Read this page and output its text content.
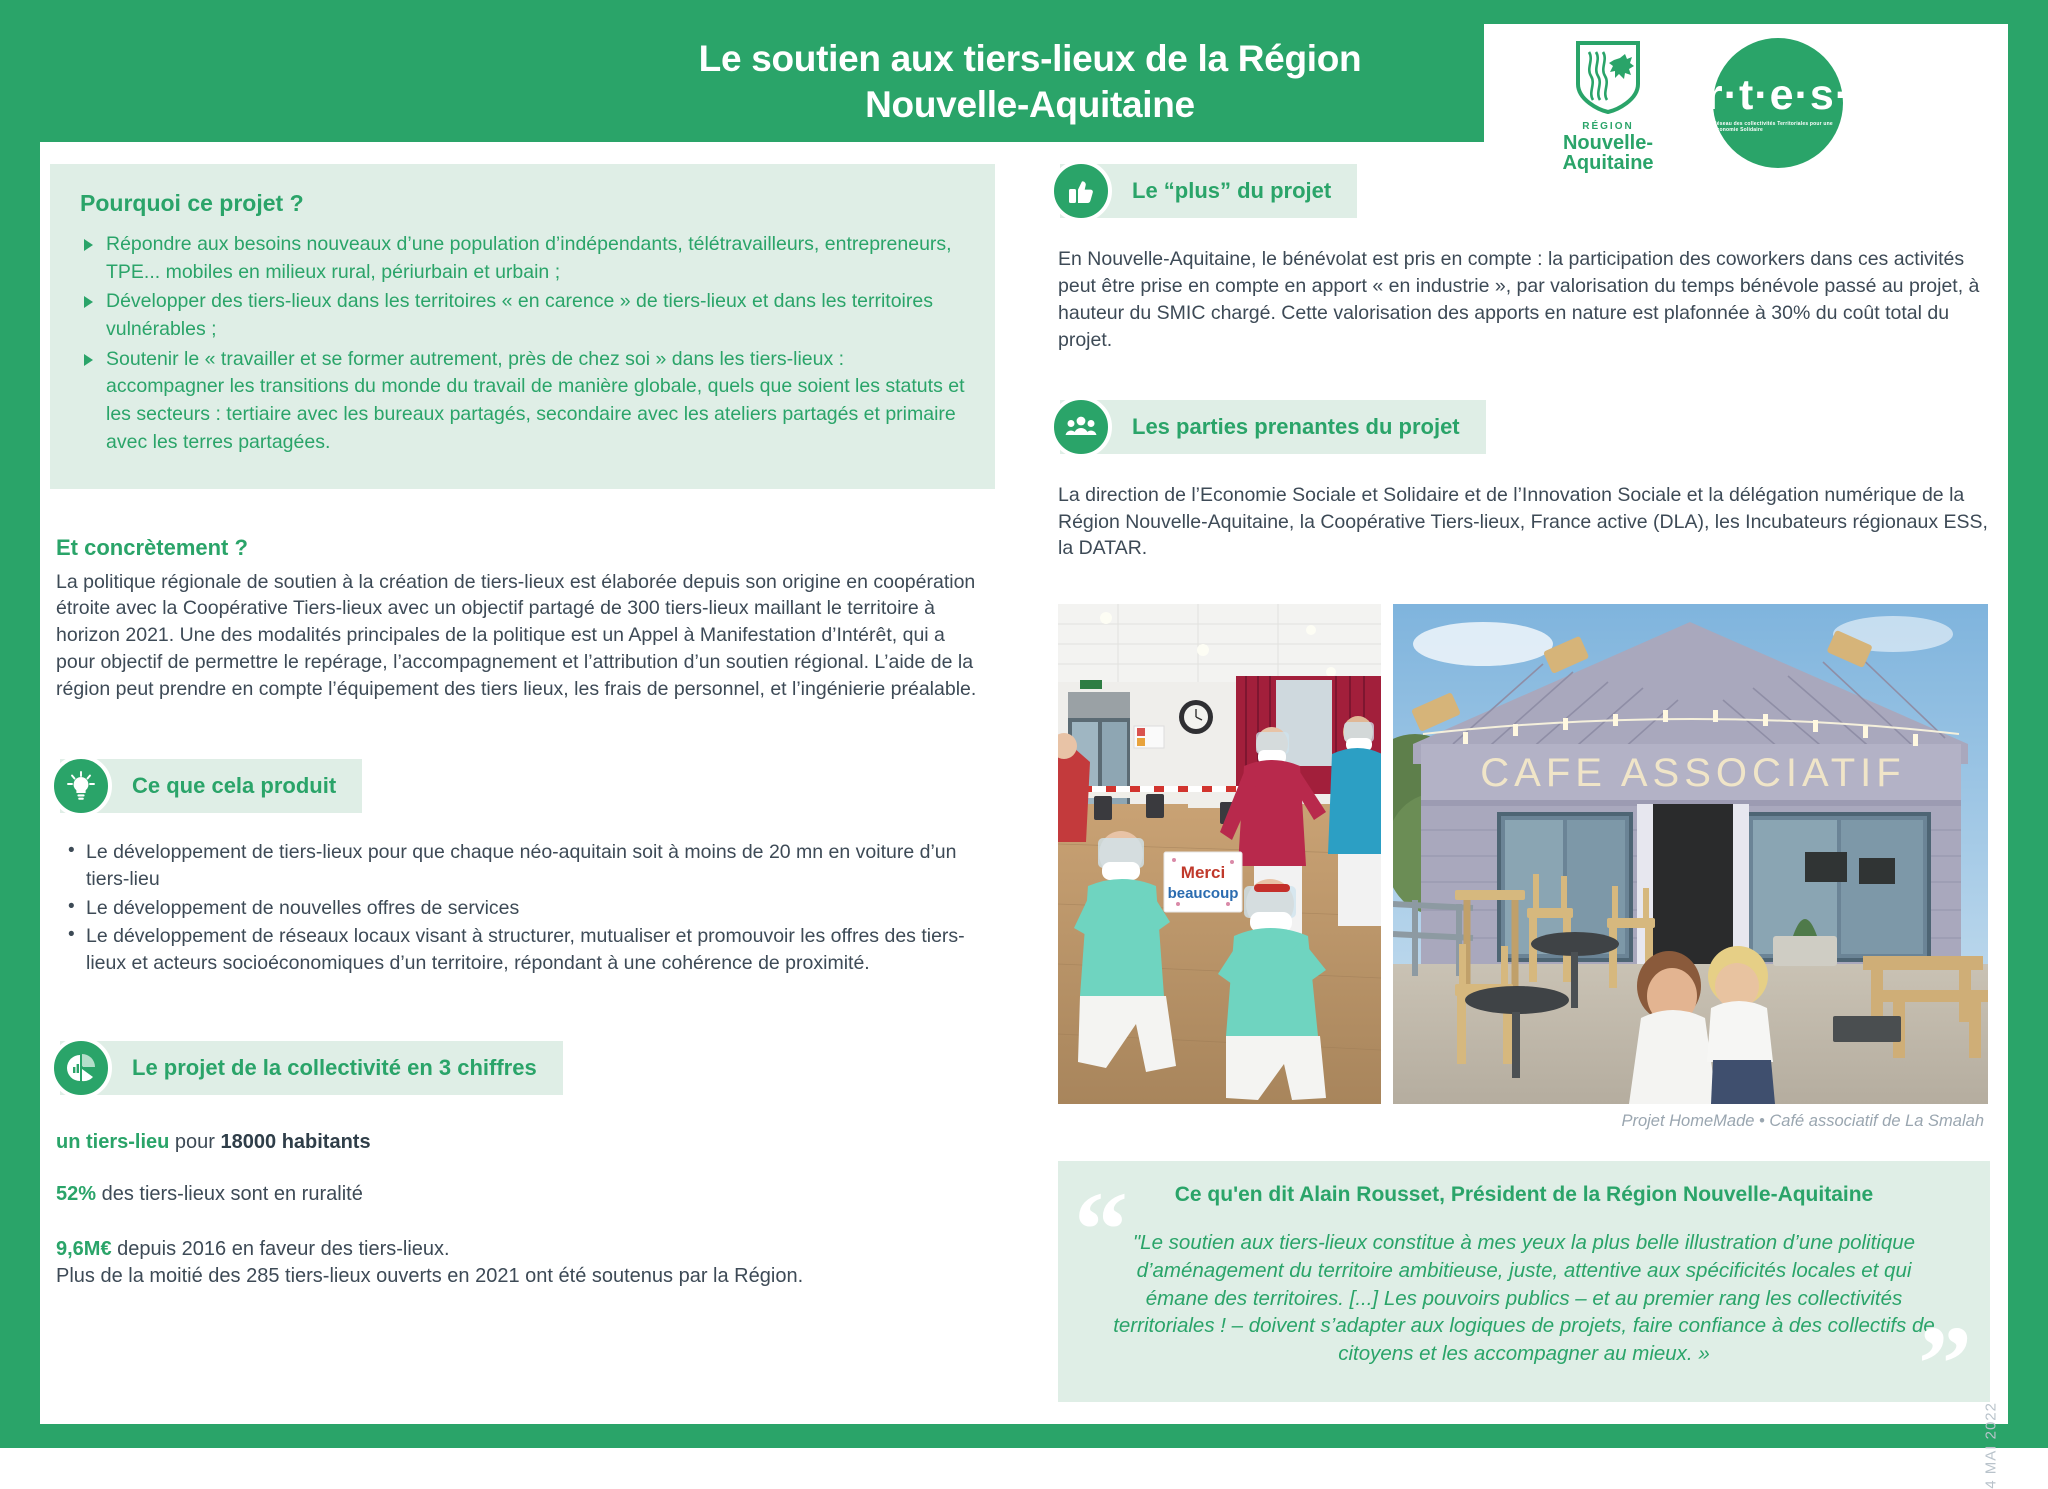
Le soutien aux tiers-lieux de la Région
Nouvelle-Aquitaine
RÉGION
Nouvelle-
Aquitaine
r·t·e·s·
Réseau des collectivités Territoriales pour une Économie Solidaire
Pourquoi ce projet ?
Répondre aux besoins nouveaux d’une population d’indépendants, télétravailleurs, entrepreneurs, TPE... mobiles en milieux rural, périurbain et urbain ;
Développer des tiers-lieux dans les territoires « en carence » de tiers-lieux et dans les territoires vulnérables ;
Soutenir le « travailler et se former autrement, près de chez soi » dans les tiers-lieux : accompagner les transitions du monde du travail de manière globale, quels que soient les statuts et les secteurs : tertiaire avec les bureaux partagés, secondaire avec les ateliers partagés et primaire avec les terres partagées.
Et concrètement ?

La politique régionale de soutien à la création de tiers-lieux est élaborée depuis son origine en coopération étroite avec la Coopérative Tiers-lieux avec un objectif partagé de 300 tiers-lieux maillant le territoire à horizon 2021. Une des modalités principales de la politique est un Appel à Manifestation d’Intérêt, qui a pour objectif de permettre le repérage, l’accompagnement et l’attribution d’un soutien régional. L’aide de la région peut prendre en compte l’équipement des tiers lieux, les frais de personnel, et l’ingénierie préalable.

Ce que cela produit
• Le développement de tiers-lieux pour que chaque néo-aquitain soit à moins de 20 mn en voiture d’un tiers-lieu
• Le développement de nouvelles offres de services
• Le développement de réseaux locaux visant à structurer, mutualiser et promouvoir les offres des tiers-lieux et acteurs socioéconomiques d’un territoire, répondant à une cohérence de proximité.
Le projet de la collectivité en 3 chiffres

un tiers-lieu pour 18000 habitants

52% des tiers-lieux sont en ruralité

9,6M€ depuis 2016 en faveur des tiers-lieux.

Plus de la moitié des 285 tiers-lieux ouverts en 2021 ont été soutenus par la Région.

Le “plus” du projet

En Nouvelle-Aquitaine, le bénévolat est pris en compte : la participation des coworkers dans ces activités peut être prise en compte en apport « en industrie », par valorisation du temps bénévole passé au projet, à hauteur du SMIC chargé. Cette valorisation des apports en nature est plafonnée à 30% du coût total du projet.

Les parties prenantes du projet

La direction de l’Economie Sociale et Solidaire et de l’Innovation Sociale et la délégation numérique de la Région Nouvelle-Aquitaine, la Coopérative Tiers-lieux, France active (DLA), les Incubateurs régionaux ESS, la DATAR.

Merci
beaucoup
CAFE ASSOCIATIF
Projet HomeMade • Café associatif de La Smalah
“
”
Ce qu'en dit Alain Rousset, Président de la Région Nouvelle-Aquitaine

"Le soutien aux tiers-lieux constitue à mes yeux la plus belle illustration d’une politique d’aménagement du territoire ambitieuse, juste, attentive aux spécificités locales et qui émane des territoires. [...] Les pouvoirs publics – et au premier rang les collectivités territoriales ! – doivent s’adapter aux logiques de projets, faire confiance à des collectifs de citoyens et les accompagner au mieux. »

4 MAI 2022
